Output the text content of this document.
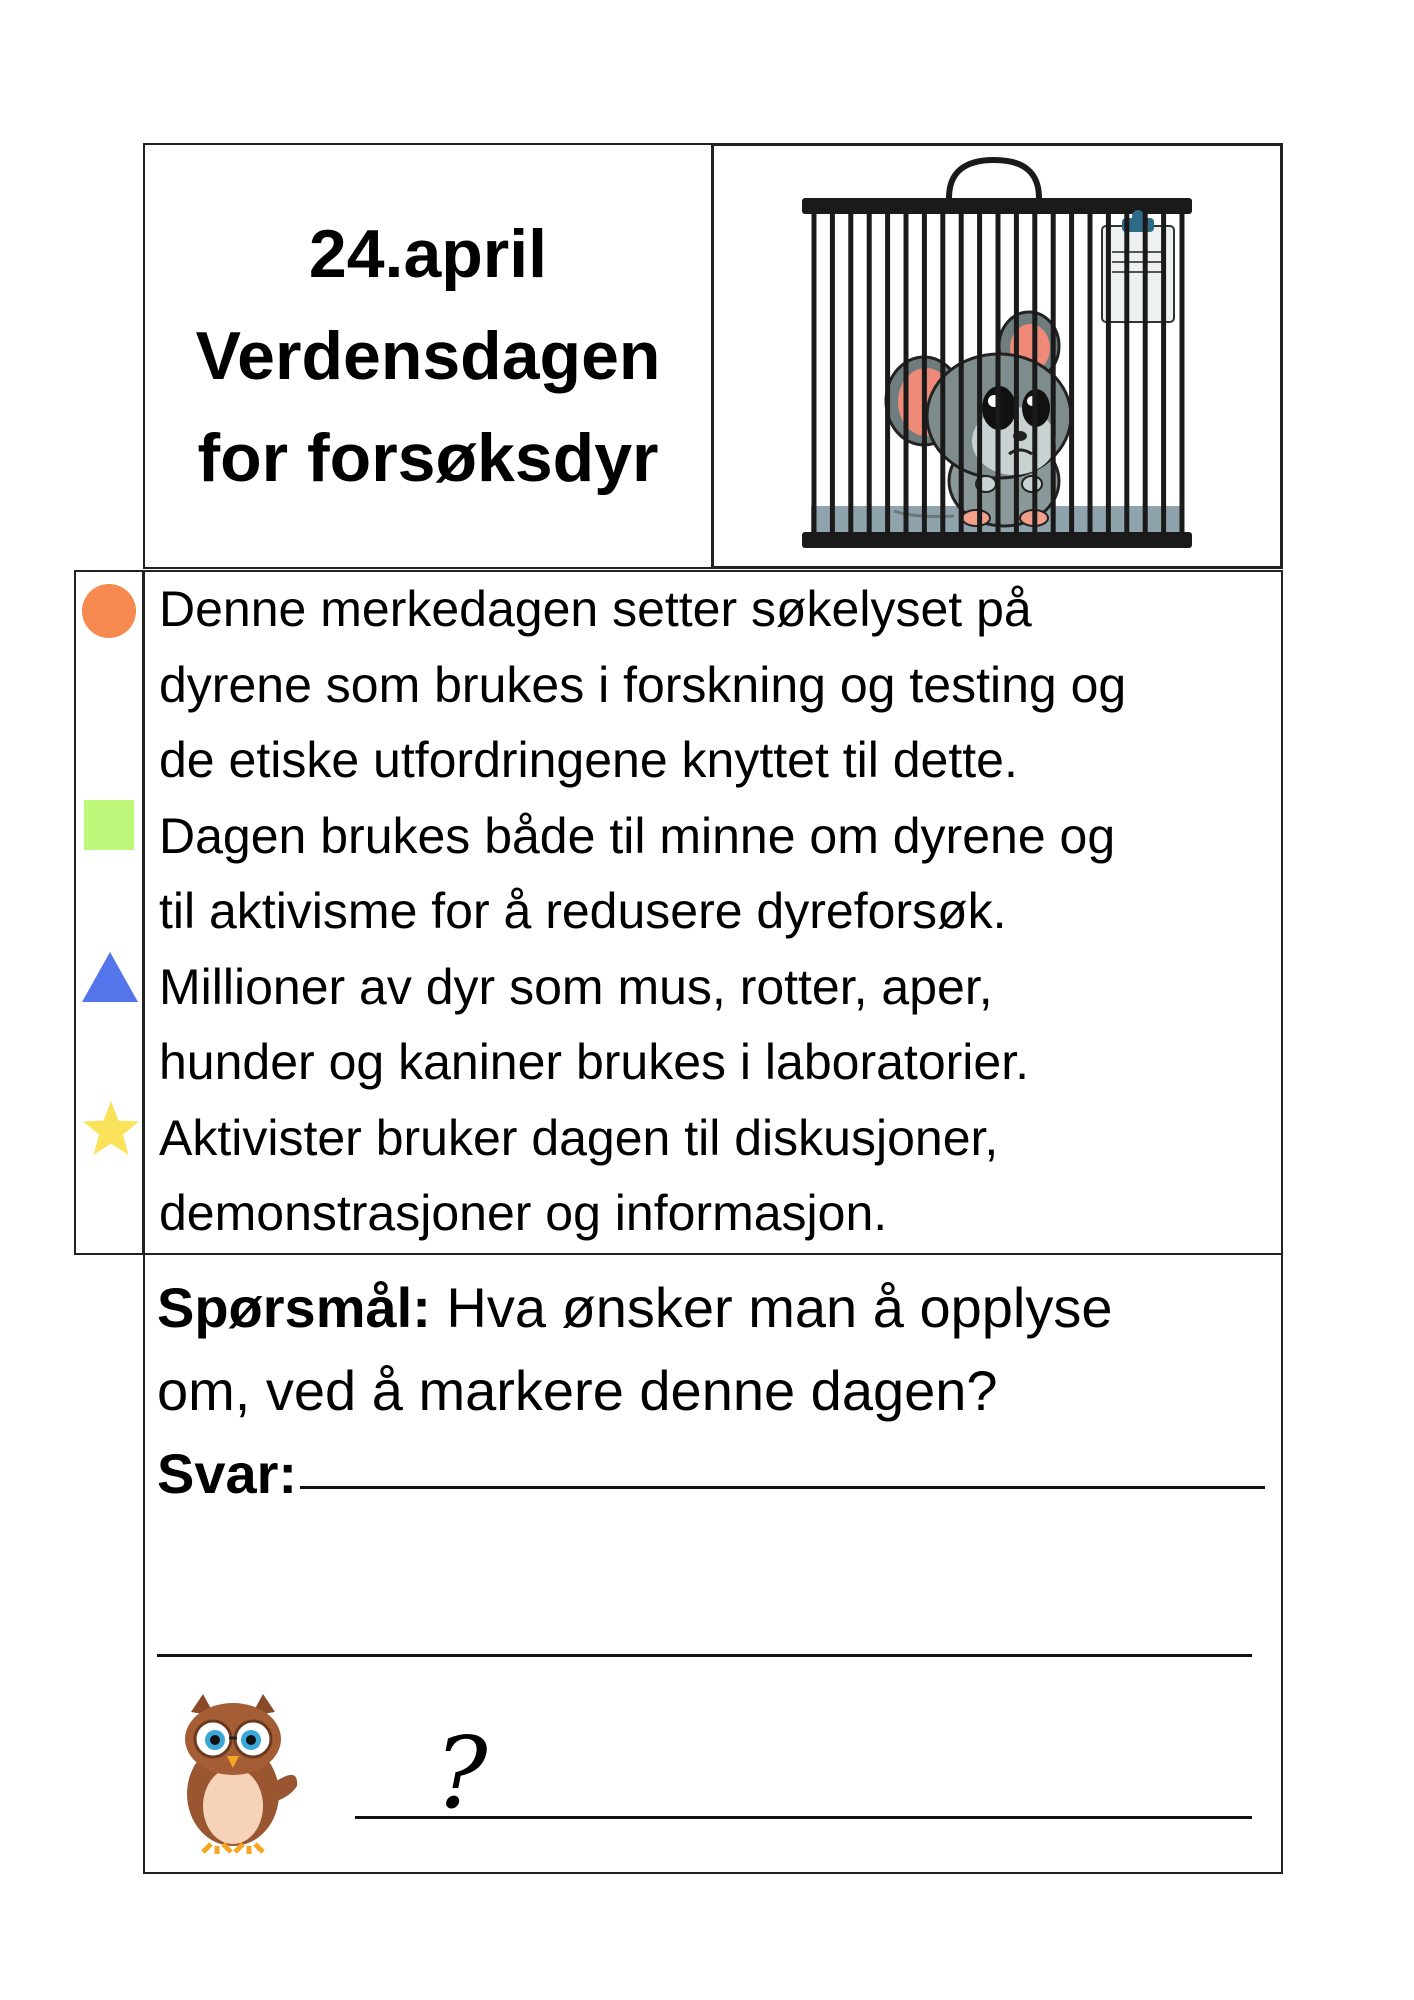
24.april
Verdensdagen
for forsøksdyr
Denne merkedagen setter søkelyset på
dyrene som brukes i forskning og testing og
de etiske utfordringene knyttet til dette.
Dagen brukes både til minne om dyrene og
til aktivisme for å redusere dyreforsøk.
Millioner av dyr som mus, rotter, aper,
hunder og kaniner brukes i laboratorier.
Aktivister bruker dagen til diskusjoner,
demonstrasjoner og informasjon.
Spørsmål: Hva ønsker man å opplyse
om, ved å markere denne dagen?
Svar:
?
